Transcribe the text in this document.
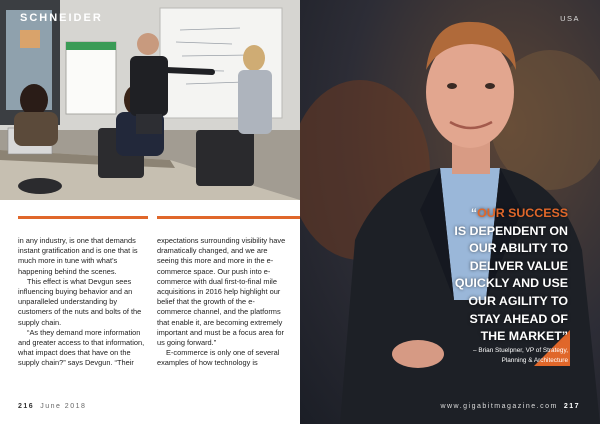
SCHNEIDER

in any industry, is one that demands instant gratification and is one that is much more in tune with what's happening behind the scenes.

This effect is what Devgun sees influencing buying behavior and an unparalleled understanding by customers of the nuts and bolts of the supply chain.

“As they demand more information and greater access to that information, what impact does that have on the supply chain?” says Devgun. “Their

expectations surrounding visibility have dramatically changed, and we are seeing this more and more in the e-commerce space. Our push into e-commerce with dual first-to-final mile acquisitions in 2016 help highlight our belief that the growth of the e-commerce channel, and the platforms that enable it, are becoming extremely important and must be a focus area for us going forward.”

E-commerce is only one of several examples of how technology is

216 June 2018
USA
“OUR SUCCESS
IS DEPENDENT ON
OUR ABILITY TO
DELIVER VALUE
QUICKLY AND USE
OUR AGILITY TO
STAY AHEAD OF
THE MARKET”
– Brian Stuelpner, VP of Strategy,
Planning & Architecture
www.gigabitmagazine.com 217
